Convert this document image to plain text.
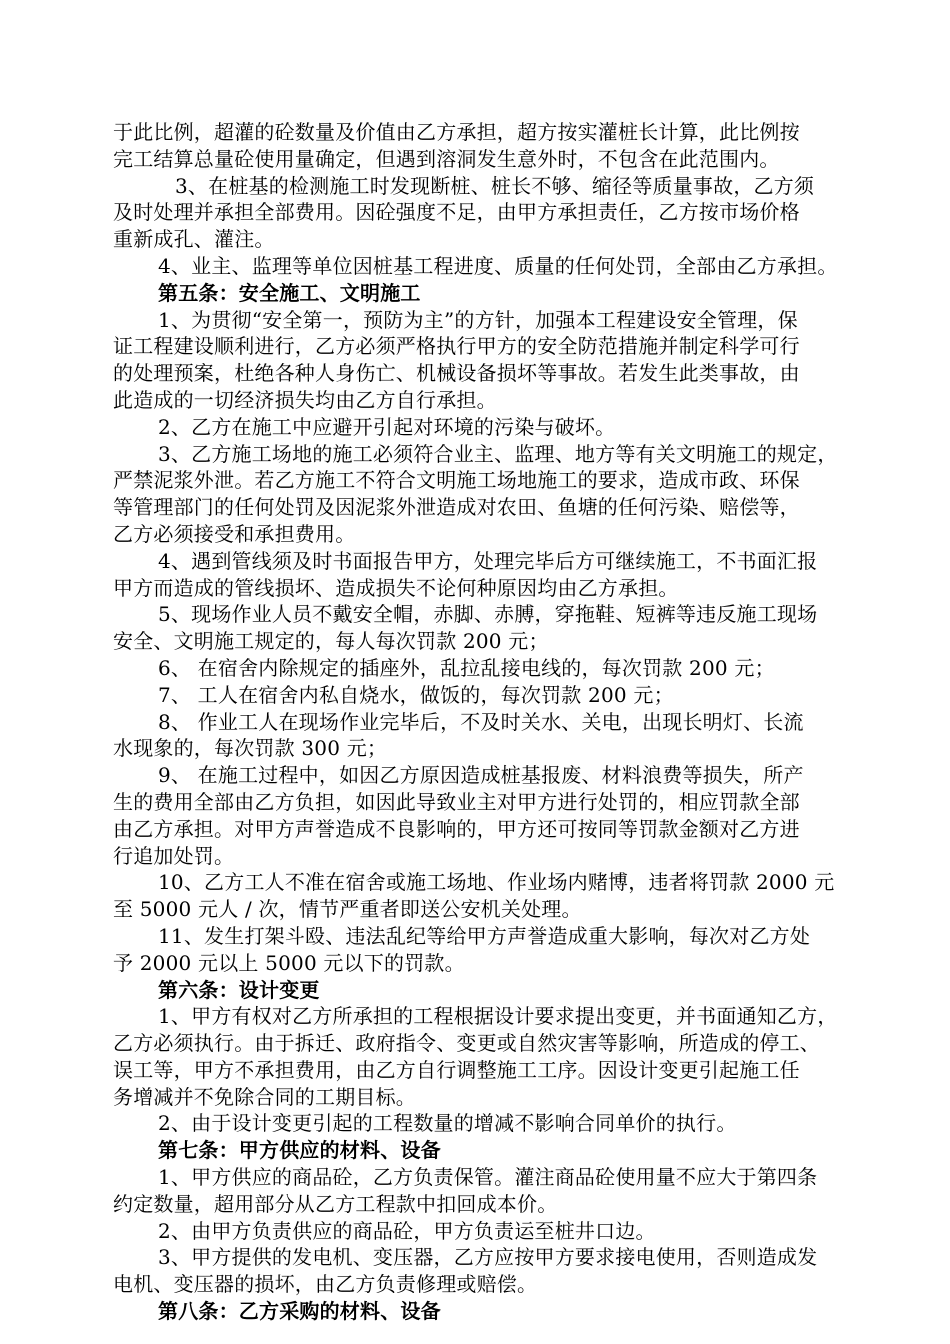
于此比例，超灌的砼数量及价值由乙方承担，超方按实灌桩长计算，此比例按
完工结算总量砼使用量确定，但遇到溶洞发生意外时，不包含在此范围内。
3、在桩基的检测施工时发现断桩、桩长不够、缩径等质量事故，乙方须
及时处理并承担全部费用。因砼强度不足，由甲方承担责任，乙方按市场价格
重新成孔、灌注。
4、业主、监理等单位因桩基工程进度、质量的任何处罚，全部由乙方承担。
第五条：安全施工、文明施工
1、为贯彻“安全第一，预防为主”的方针，加强本工程建设安全管理，保
证工程建设顺利进行，乙方必须严格执行甲方的安全防范措施并制定科学可行
的处理预案，杜绝各种人身伤亡、机械设备损坏等事故。若发生此类事故，由
此造成的一切经济损失均由乙方自行承担。
2、乙方在施工中应避开引起对环境的污染与破坏。
3、乙方施工场地的施工必须符合业主、监理、地方等有关文明施工的规定，
严禁泥浆外泄。若乙方施工不符合文明施工场地施工的要求，造成市政、环保
等管理部门的任何处罚及因泥浆外泄造成对农田、鱼塘的任何污染、赔偿等，
乙方必须接受和承担费用。
4、遇到管线须及时书面报告甲方，处理完毕后方可继续施工，不书面汇报
甲方而造成的管线损坏、造成损失不论何种原因均由乙方承担。
5、现场作业人员不戴安全帽，赤脚、赤膊，穿拖鞋、短裤等违反施工现场
安全、文明施工规定的，每人每次罚款 200 元；
6、 在宿舍内除规定的插座外，乱拉乱接电线的，每次罚款 200 元；
7、 工人在宿舍内私自烧水，做饭的，每次罚款 200 元；
8、 作业工人在现场作业完毕后，不及时关水、关电，出现长明灯、长流
水现象的，每次罚款 300 元；
9、 在施工过程中，如因乙方原因造成桩基报废、材料浪费等损失，所产
生的费用全部由乙方负担，如因此导致业主对甲方进行处罚的，相应罚款全部
由乙方承担。对甲方声誉造成不良影响的，甲方还可按同等罚款金额对乙方进
行追加处罚。
10、乙方工人不准在宿舍或施工场地、作业场内赌博，违者将罚款 2000 元
至 5000 元人 / 次，情节严重者即送公安机关处理。
11、发生打架斗殴、违法乱纪等给甲方声誉造成重大影响，每次对乙方处
予 2000 元以上 5000 元以下的罚款。
第六条：设计变更
1、甲方有权对乙方所承担的工程根据设计要求提出变更，并书面通知乙方，
乙方必须执行。由于拆迁、政府指令、变更或自然灾害等影响，所造成的停工、
误工等，甲方不承担费用，由乙方自行调整施工工序。因设计变更引起施工任
务增减并不免除合同的工期目标。
2、由于设计变更引起的工程数量的增减不影响合同单价的执行。
第七条：甲方供应的材料、设备
1、甲方供应的商品砼，乙方负责保管。灌注商品砼使用量不应大于第四条
约定数量，超用部分从乙方工程款中扣回成本价。
2、由甲方负责供应的商品砼，甲方负责运至桩井口边。
3、甲方提供的发电机、变压器，乙方应按甲方要求接电使用，否则造成发
电机、变压器的损坏，由乙方负责修理或赔偿。
第八条：乙方采购的材料、设备
